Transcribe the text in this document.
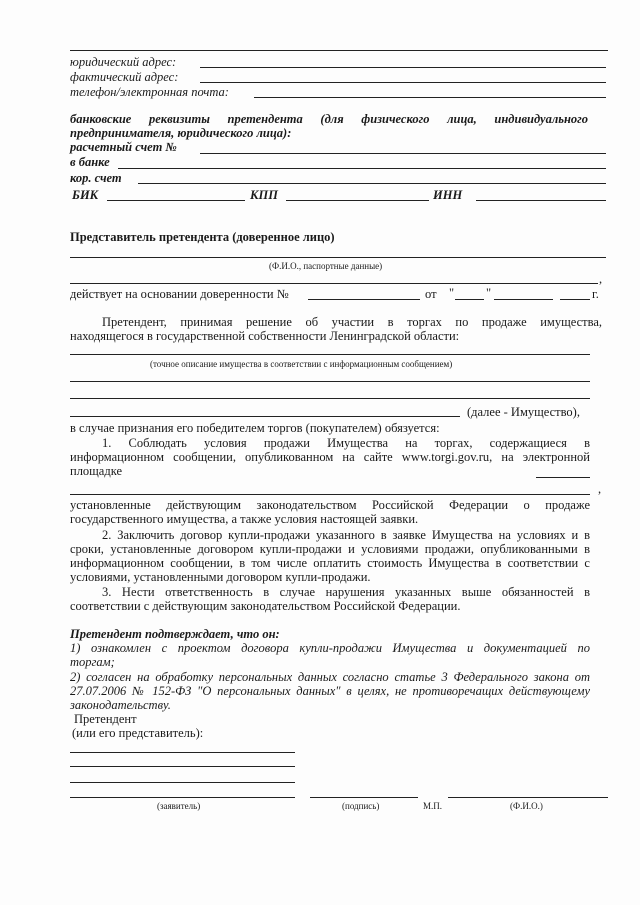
юридический адрес:
фактический адрес:
телефон/электронная почта:
банковские реквизиты претендента (для физического лица, индивидуального
предпринимателя, юридического лица):
расчетный счет №
в банке
кор. счет
БИК	КПП	ИНН
Представитель претендента (доверенное лицо)
(Ф.И.О., паспортные данные)
,
действует на основании доверенности №	от "	"	г.
Претендент, принимая решение об участии в торгах по продаже имущества,
находящегося в государственной собственности Ленинградской области:
(точное описание имущества в соответствии с информационным сообщением)
(далее - Имущество),
в случае признания его победителем торгов (покупателем) обязуется:
1. Соблюдать условия продажи Имущества на торгах, содержащиеся в
информационном сообщении, опубликованном на сайте www.torgi.gov.ru, на электронной
площадке
,
установленные действующим законодательством Российской Федерации о продаже
государственного имущества, а также условия настоящей заявки.
2. Заключить договор купли-продажи указанного в заявке Имущества на условиях и в
сроки, установленные договором купли-продажи и условиями продажи, опубликованными в
информационном сообщении, в том числе оплатить стоимость Имущества в соответствии с
условиями, установленными договором купли-продажи.
3. Нести ответственность в случае нарушения указанных выше обязанностей в
соответствии с действующим законодательством Российской Федерации.
Претендент подтверждает, что он:
1) ознакомлен с проектом договора купли-продажи Имущества и документацией по
торгам;
2) согласен на обработку персональных данных согласно статье 3 Федерального закона от
27.07.2006 № 152-ФЗ "О персональных данных" в целях, не противоречащих действующему
законодательству.
Претендент
(или его представитель):
(заявитель)	(подпись)	М.П.	(Ф.И.О.)
